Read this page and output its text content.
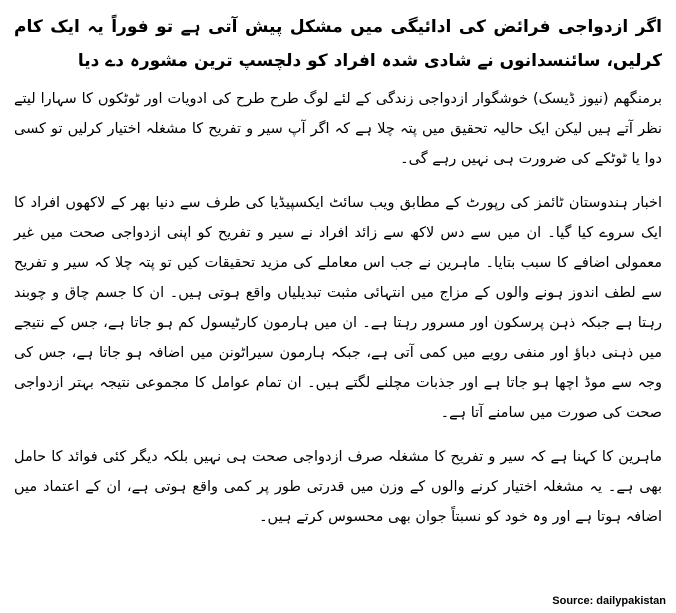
اگر ازدواجی فرائض کی ادائیگی میں مشکل پیش آتی ہے تو فوراً یہ ایک کام کرلیں، سائنسدانوں نے شادی شدہ افراد کو دلچسپ ترین مشورہ دے دیا

برمنگھم (نیوز ڈیسک) خوشگوار ازدواجی زندگی کے لئے لوگ طرح طرح کی ادویات اور ٹوٹکوں کا سہارا لیتے نظر آتے ہیں لیکن ایک حالیہ تحقیق میں پتہ چلا ہے کہ اگر آپ سیر و تفریح کا مشغلہ اختیار کرلیں تو کسی دوا یا ٹوٹکے کی ضرورت ہی نہیں رہے گی۔

اخبار ہندوستان ٹائمز کی رپورٹ کے مطابق ویب سائٹ ایکسپیڈیا کی طرف سے دنیا بھر کے لاکھوں افراد کا ایک سروے کیا گیا۔ ان میں سے دس لاکھ سے زائد افراد نے سیر و تفریح کو اپنی ازدواجی صحت میں غیر معمولی اضافے کا سبب بتایا۔ ماہرین نے جب اس معاملے کی مزید تحقیقات کیں تو پتہ چلا کہ سیر و تفریح سے لطف اندوز ہونے والوں کے مزاج میں انتہائی مثبت تبدیلیاں واقع ہوتی ہیں۔ ان کا جسم چاق و چوبند رہتا ہے جبکہ ذہن پرسکون اور مسرور رہتا ہے۔ ان میں ہارمون کارٹیسول کم ہو جاتا ہے، جس کے نتیجے میں ذہنی دباؤ اور منفی رویے میں کمی آتی ہے، جبکہ ہارمون سیراٹونن میں اضافہ ہو جاتا ہے، جس کی وجہ سے موڈ اچھا ہو جاتا ہے اور جذبات مچلنے لگتے ہیں۔ ان تمام عوامل کا مجموعی نتیجہ بہتر ازدواجی صحت کی صورت میں سامنے آتا ہے۔

ماہرین کا کہنا ہے کہ سیر و تفریح کا مشغلہ صرف ازدواجی صحت ہی نہیں بلکہ دیگر کئی فوائد کا حامل بھی ہے۔ یہ مشغلہ اختیار کرنے والوں کے وزن میں قدرتی طور پر کمی واقع ہوتی ہے، ان کے اعتماد میں اضافہ ہوتا ہے اور وہ خود کو نسبتاً جوان بھی محسوس کرتے ہیں۔

Source: dailypakistan
